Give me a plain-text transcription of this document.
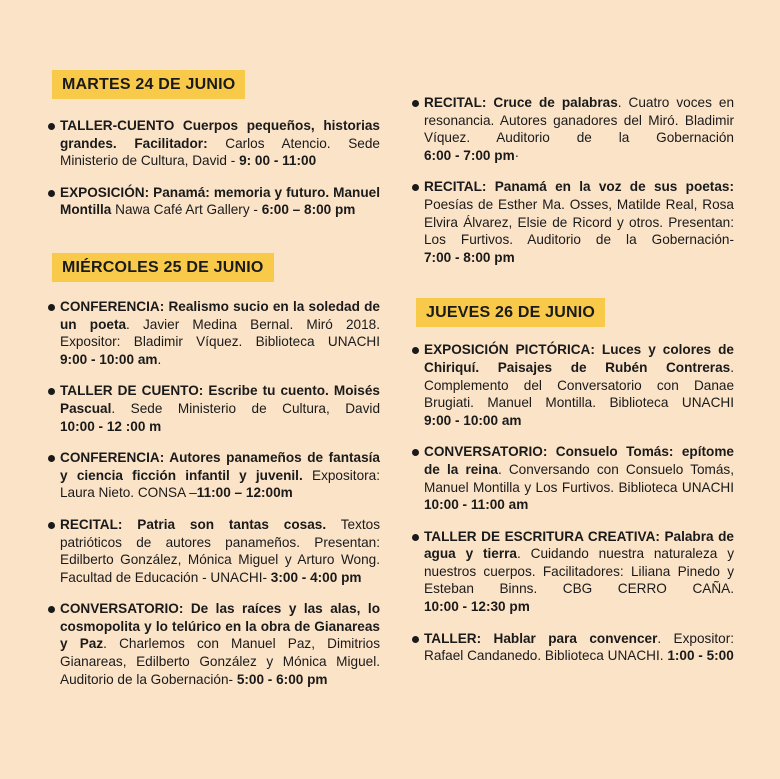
MARTES 24 DE JUNIO
TALLER-CUENTO Cuerpos pequeños, historias grandes. Facilitador: Carlos Atencio. Sede Ministerio de Cultura, David - 9: 00 - 11:00
EXPOSICIÓN: Panamá: memoria y futuro. Manuel Montilla Nawa Café Art Gallery - 6:00 – 8:00 pm
MIÉRCOLES 25 DE JUNIO
CONFERENCIA: Realismo sucio en la soledad de un poeta. Javier Medina Bernal. Miró 2018. Expositor: Bladimir Víquez. Biblioteca UNACHI 9:00 - 10:00 am.
TALLER DE CUENTO: Escribe tu cuento. Moisés Pascual. Sede Ministerio de Cultura, David 10:00 - 12 :00 m
CONFERENCIA: Autores panameños de fantasía y ciencia ficción infantil y juvenil. Expositora: Laura Nieto. CONSA –11:00 – 12:00m
RECITAL: Patria son tantas cosas. Textos patrióticos de autores panameños. Presentan: Edilberto González, Mónica Miguel y Arturo Wong. Facultad de Educación - UNACHI- 3:00 - 4:00 pm
CONVERSATORIO: De las raíces y las alas, lo cosmopolita y lo telúrico en la obra de Gianareas y Paz. Charlemos con Manuel Paz, Dimitrios Gianareas, Edilberto González y Mónica Miguel. Auditorio de la Gobernación- 5:00 - 6:00 pm
RECITAL: Cruce de palabras. Cuatro voces en resonancia. Autores ganadores del Miró. Bladimir Víquez. Auditorio de la Gobernación 6:00 - 7:00 pm·
RECITAL: Panamá en la voz de sus poetas: Poesías de Esther Ma. Osses, Matilde Real, Rosa Elvira Álvarez, Elsie de Ricord y otros. Presentan: Los Furtivos. Auditorio de la Gobernación- 7:00 - 8:00 pm
JUEVES 26 DE JUNIO
EXPOSICIÓN PICTÓRICA: Luces y colores de Chiriquí. Paisajes de Rubén Contreras. Complemento del Conversatorio con Danae Brugiati. Manuel Montilla. Biblioteca UNACHI 9:00 - 10:00 am
CONVERSATORIO: Consuelo Tomás: epítome de la reina. Conversando con Consuelo Tomás, Manuel Montilla y Los Furtivos. Biblioteca UNACHI 10:00 - 11:00 am
TALLER DE ESCRITURA CREATIVA: Palabra de agua y tierra. Cuidando nuestra naturaleza y nuestros cuerpos. Facilitadores: Liliana Pinedo y Esteban Binns. CBG CERRO CAÑA. 10:00 - 12:30 pm
TALLER: Hablar para convencer. Expositor: Rafael Candanedo. Biblioteca UNACHI. 1:00 - 5:00
